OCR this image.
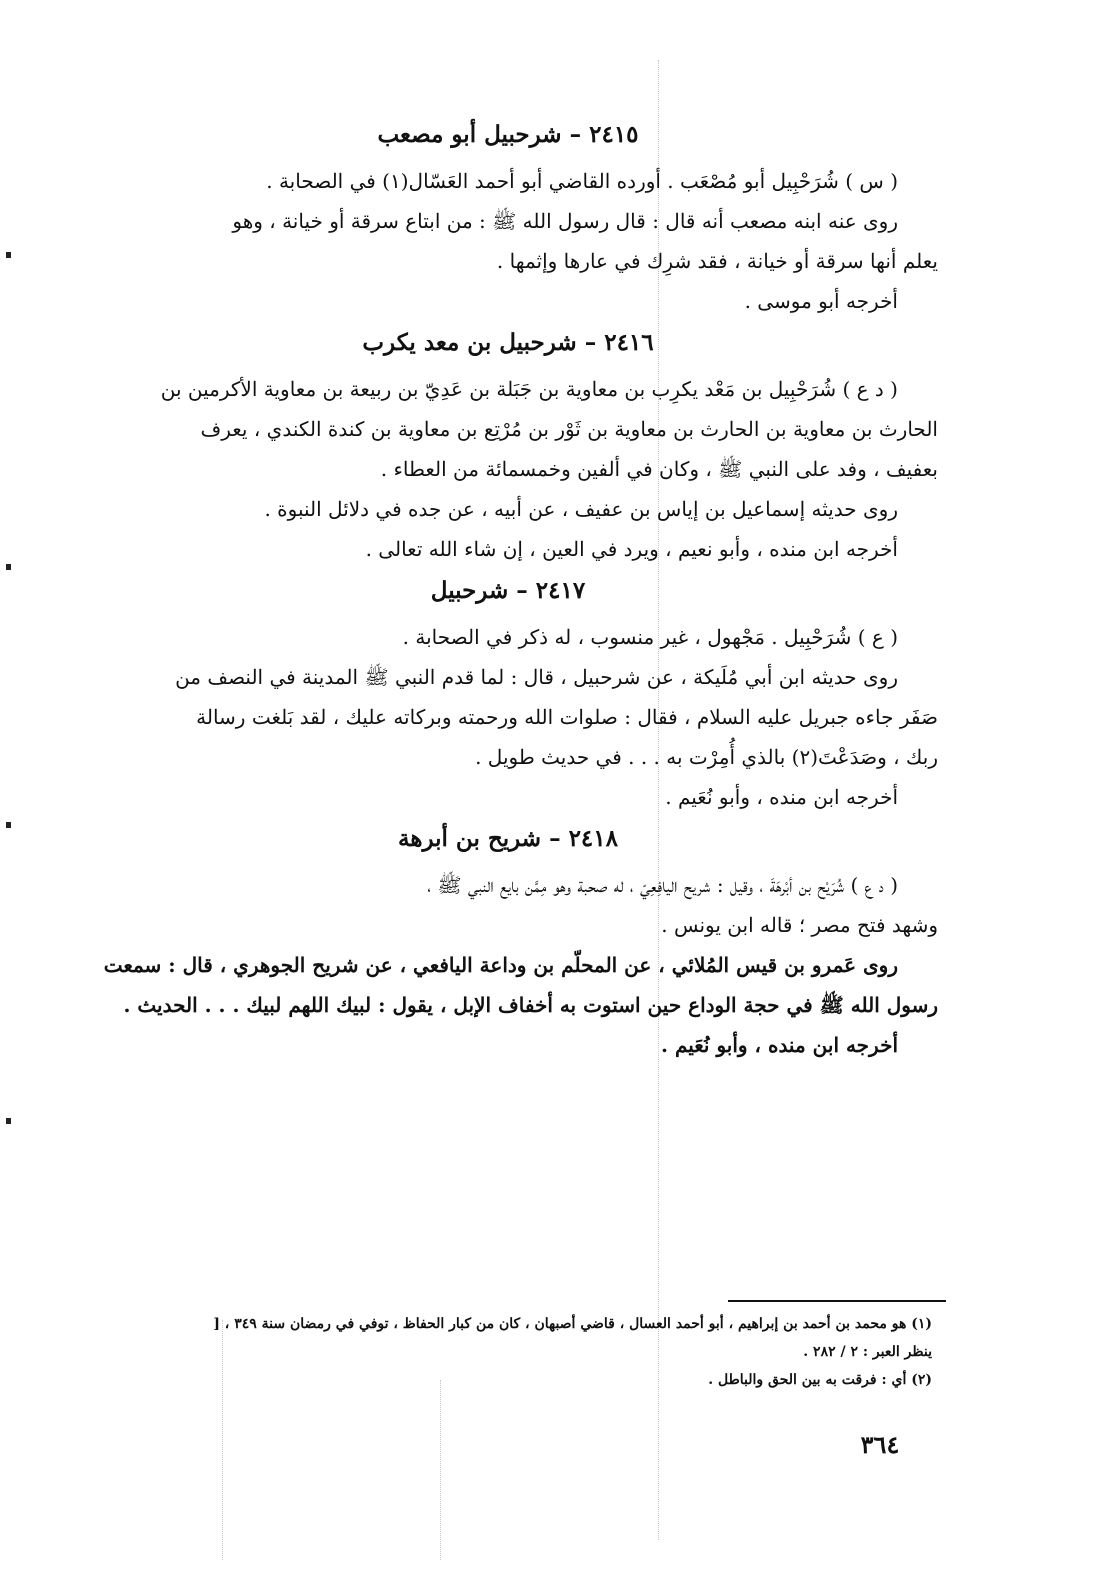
٢٤١٥ – شرحبيل أبو مصعب
( س ) شُرَحْبِيل أبو مُصْعَب . أورده القاضي أبو أحمد العَسّال(١) في الصحابة .
روى عنه ابنه مصعب أنه قال : قال رسول الله ﷺ : من ابتاع سرقة أو خيانة ، وهو
يعلم أنها سرقة أو خيانة ، فقد شرِك في عارها وإثمها .
أخرجه أبو موسى .
٢٤١٦ – شرحبيل بن معد يكرب
( د ع ) شُرَحْبِيل بن مَعْد يكرِب بن معاوية بن جَبَلة بن عَدِيّ بن ربيعة بن معاوية الأكرمين بن
الحارث بن معاوية بن الحارث بن معاوية بن ثَوْر بن مُرْتِع بن معاوية بن كندة الكندي ، يعرف
بعفيف ، وفد على النبي ﷺ ، وكان في ألفين وخمسمائة من العطاء .
روى حديثه إسماعيل بن إياس بن عفيف ، عن أبيه ، عن جده في دلائل النبوة .
أخرجه ابن منده ، وأبو نعيم ، ويرد في العين ، إن شاء الله تعالى .
٢٤١٧ – شرحبيل
( ع ) شُرَحْبِيل . مَجْهول ، غير منسوب ، له ذكر في الصحابة .
روى حديثه ابن أبي مُلَيكة ، عن شرحبيل ، قال : لما قدم النبي ﷺ المدينة في النصف من
صَفَر جاءه جبريل عليه السلام ، فقال : صلوات الله ورحمته وبركاته عليك ، لقد بَلغت رسالة
ربك ، وصَدَعْتَ(٢) بالذي أُمِرْت به . . . في حديث طويل .
أخرجه ابن منده ، وأبو نُعَيم .
٢٤١٨ – شريح بن أبرهة
( د ع ) شُرَيْح بن أبْرهَةَ ، وقيل : شريح اليافِعِيّ ، له صحبة وهو مِمَّن بايع النبي ﷺ ،
وشهد فتح مصر ؛ قاله ابن يونس .
روى عَمرو بن قيس المُلائي ، عن المحلّم بن وداعة اليافعي ، عن شريح الجوهري ، قال : سمعت
رسول الله ﷺ في حجة الوداع حين استوت به أخفاف الإبل ، يقول : لبيك اللهم لبيك . . . الحديث .
أخرجه ابن منده ، وأبو نُعَيم .
(١) هو محمد بن أحمد بن إبراهيم ، أبو أحمد العسال ، قاضي أصبهان ، كان من كبار الحفاظ ، توفي في رمضان سنة ٣٤٩ ، [
ينظر العبر : ٢ / ٢٨٢ .
(٢) أي : فرقت به بين الحق والباطل .
٣٦٤
